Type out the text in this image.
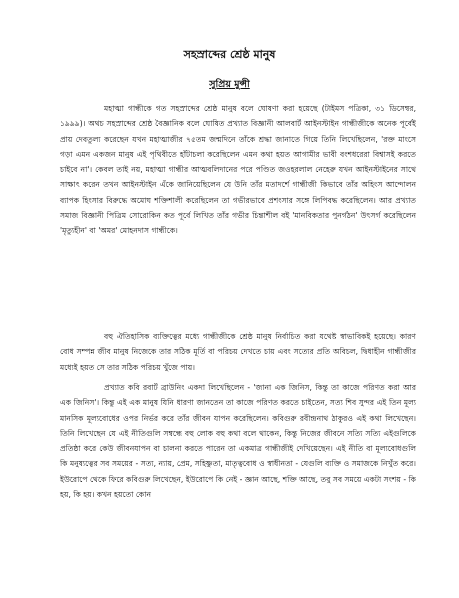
সহস্রাব্দের শ্রেষ্ঠ মানুষ
সুপ্রিয় মুন্সী

মহাত্মা গান্ধীকে গত সহস্রাব্দের শ্রেষ্ঠ মানুষ বলে ঘোষণা করা হয়েছে (টাইমস পত্রিকা, ৩১ ডিসেম্বর, ১৯৯৯)। অথচ সহস্রাব্দের শ্রেষ্ঠ বৈজ্ঞানিক বলে ঘোষিত প্রখ্যাত বিজ্ঞানী আলবার্ট আইনস্টাইন গান্ধীজীকে অনেক পূর্বেই প্রায় দেবতুল্য করেছেন যখন মহাত্মাজীর ৭৫তম জন্মদিনে তাঁকে শ্রদ্ধা জানাতে গিয়ে তিনি লিখেছিলেন, 'রক্ত মাংসে গড়া এমন একজন মানুষ এই পৃথিবীতে হাঁটাচলা করেছিলেন এমন কথা হয়ত আগামীর ভাবী বংশধরেরা বিশ্বাসই করতে চাইবে না'। কেবল তাই নয়, মহাত্মা গান্ধীর আত্মবলিদানের পরে পণ্ডিত জওহরলাল নেহেরু যখন আইনস্টাইনের সাথে সাক্ষাৎ করেন তখন আইনস্টাইন এঁকে জানিয়েছিলেন যে উনি তাঁর মতাদর্শে গান্ধীজী কিভাবে তাঁর অহিংস আন্দোলন ব্যাপক হিংসার বিরুদ্ধে অমোঘ শক্তিশালী করেছিলেন তা গভীরভাবে প্রশংসার সঙ্গে লিপিবদ্ধ করেছিলেন। আর প্রখ্যাত সমাজ বিজ্ঞানী পিত্রিম সোরোকিন কত পূর্বে লিখিত তাঁর গভীর চিন্তাশীল বই 'মানবিকতার পুনর্গঠন' উৎসর্গ করেছিলেন 'মৃত্যুহীন' বা 'অমর' মোহনদাস গান্ধীকে।

বহু ঐতিহাসিক ব্যক্তিত্বের মধ্যে গান্ধীজীকে শ্রেষ্ঠ মানুষ নির্বাচিত করা যথেষ্ট স্বাভাবিকই হয়েছে। কারণ বোধ সম্পন্ন জীব মানুষ নিজেকে তার সঠিক মূর্তি বা পরিচয় দেখতে চায় এবং সত্যের প্রতি অবিচল, দ্বিধাহীন গান্ধীজীর মধ্যেই হয়ত সে তার সঠিক পরিচয় খুঁজে পায়।

প্রখ্যাত কবি রবার্ট ব্রাউনিং একদা লিখেছিলেন - 'জানা এক জিনিস, কিন্তু তা কাজে পরিণত করা আর এক জিনিস'। কিন্তু এই এক মানুষ যিনি ধারণা জানতেন তা কাজে পরিণত করতে চাইতেন, সত্য শিব সুন্দর এই তিন মূল্য মানসিক মূল্যবোধের ওপর নির্ভর করে তাঁর জীবন যাপন করেছিলেন। কবিগুরু রবীন্দ্রনাথ ঠাকুরও এই কথা লিখেছেন। তিনি লিখেছেন যে এই নীতিগুলি সম্বন্ধে বহু লোক বহু কথা বলে থাকেন, কিন্তু নিজের জীবনে সত্যি সত্যি এইগুলিকে প্রতিষ্ঠা করে কেউ জীবনযাপন বা চালনা করতে পারেন তা একমাত্র গান্ধীজীই দেখিয়েছেন। এই নীতি বা মূল্যবোধগুলি কি মনুষ্যত্বের সব সময়ের - সত্য, ন্যায়, প্রেম, সহিষ্ণুতা, মাতৃত্ববোধ ও স্বাধীনতা - যেগুলি ব্যক্তি ও সমাজকে নিখুঁত করে। ইউরোপে থেকে ফিরে কবিগুরু লিখেছেন, ইউরোপে কি নেই - জ্ঞান আছে, শক্তি আছে, তবু সব সময়ে একটা সংশয় - কি হয়, কি হয়। কখন হয়তো কোন
